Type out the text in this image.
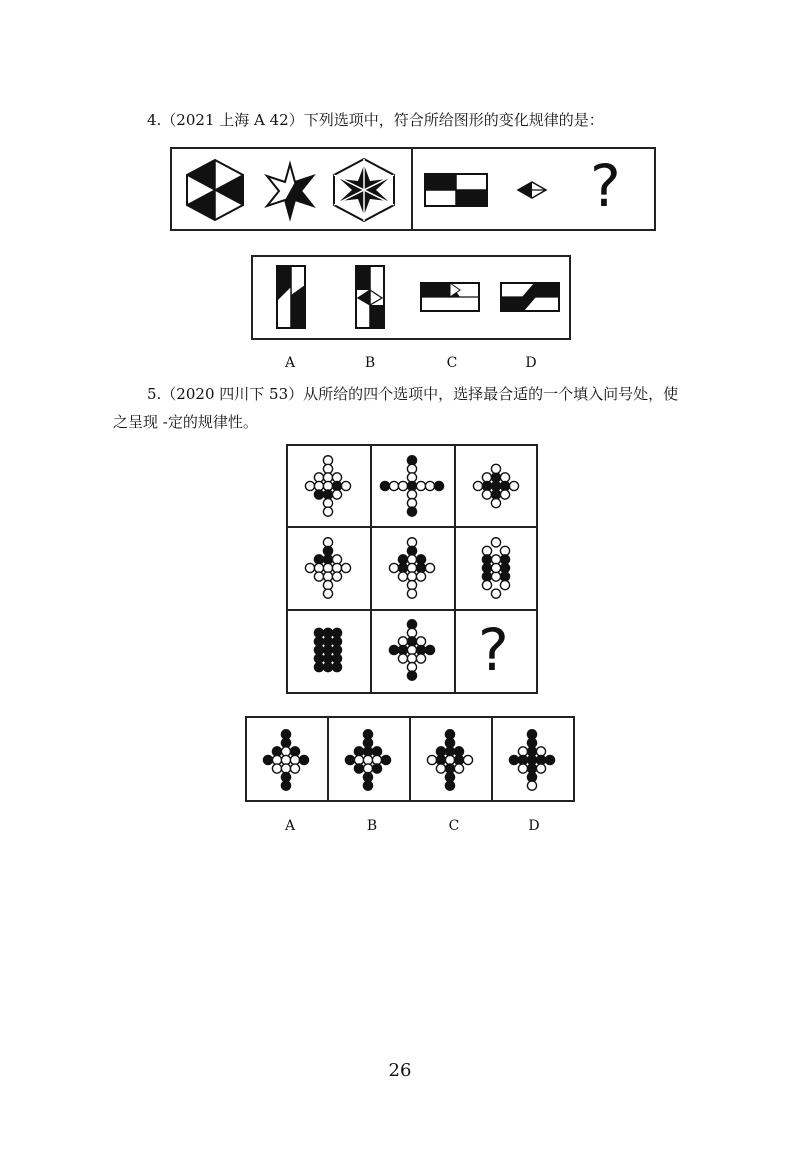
4.（2021 上海 A 42）下列选项中，符合所给图形的变化规律的是：
?
A	B	C	D
5.（2020 四川下 53）从所给的四个选项中，选择最合适的一个填入问号处，使
之呈现 -定的规律性。
?
A	B	C	D
26
